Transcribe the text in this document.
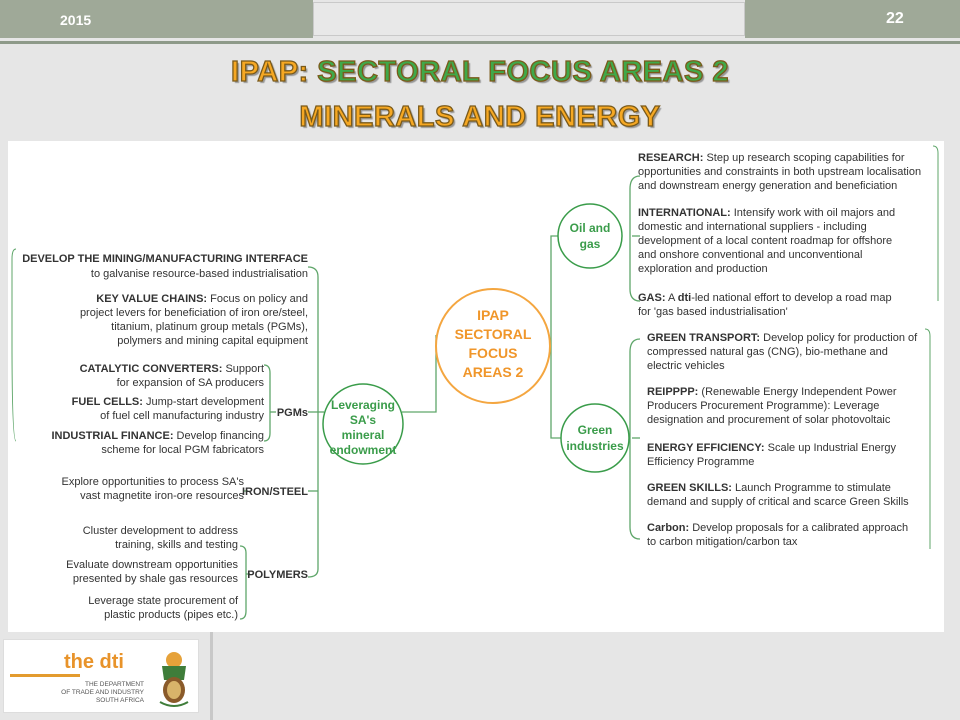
2015	22
IPAP: SECTORAL FOCUS AREAS 2
MINERALS AND ENERGY
IPAP
SECTORAL
FOCUS
AREAS 2
Leveraging
SA's
mineral
endowment
Oil and
gas
Green
industries
DEVELOP THE MINING/MANUFACTURING INTERFACE
to galvanise resource-based industrialisation
KEY VALUE CHAINS: Focus on policy and
project levers for beneficiation of iron ore/steel,
titanium, platinum group metals (PGMs),
polymers and mining capital equipment
CATALYTIC CONVERTERS: Support
for expansion of SA producers
FUEL CELLS: Jump-start development
of fuel cell manufacturing industry
INDUSTRIAL FINANCE: Develop financing
scheme for local PGM fabricators
PGMs
Explore opportunities to process SA's
vast magnetite iron-ore resources
IRON/STEEL
Cluster development to address
training, skills and testing
Evaluate downstream opportunities
presented by shale gas resources
Leverage state procurement of
plastic products (pipes etc.)
POLYMERS
RESEARCH: Step up research scoping capabilities for
opportunities and constraints in both upstream localisation
and downstream energy generation and beneficiation
INTERNATIONAL: Intensify work with oil majors and
domestic and international suppliers - including
development of a local content roadmap for offshore
and onshore conventional and unconventional
exploration and production
GAS: A dti-led national effort to develop a road map
for 'gas based industrialisation'
GREEN TRANSPORT: Develop policy for production of
compressed natural gas (CNG), bio-methane and
electric vehicles
REIPPPP: (Renewable Energy Independent Power
Producers Procurement Programme): Leverage
designation and procurement of solar photovoltaic
ENERGY EFFICIENCY: Scale up Industrial Energy
Efficiency Programme
GREEN SKILLS: Launch Programme to stimulate
demand and supply of critical and scarce Green Skills
Carbon: Develop proposals for a calibrated approach
to carbon mitigation/carbon tax
the dti
THE DEPARTMENT
OF TRADE AND INDUSTRY
SOUTH AFRICA
